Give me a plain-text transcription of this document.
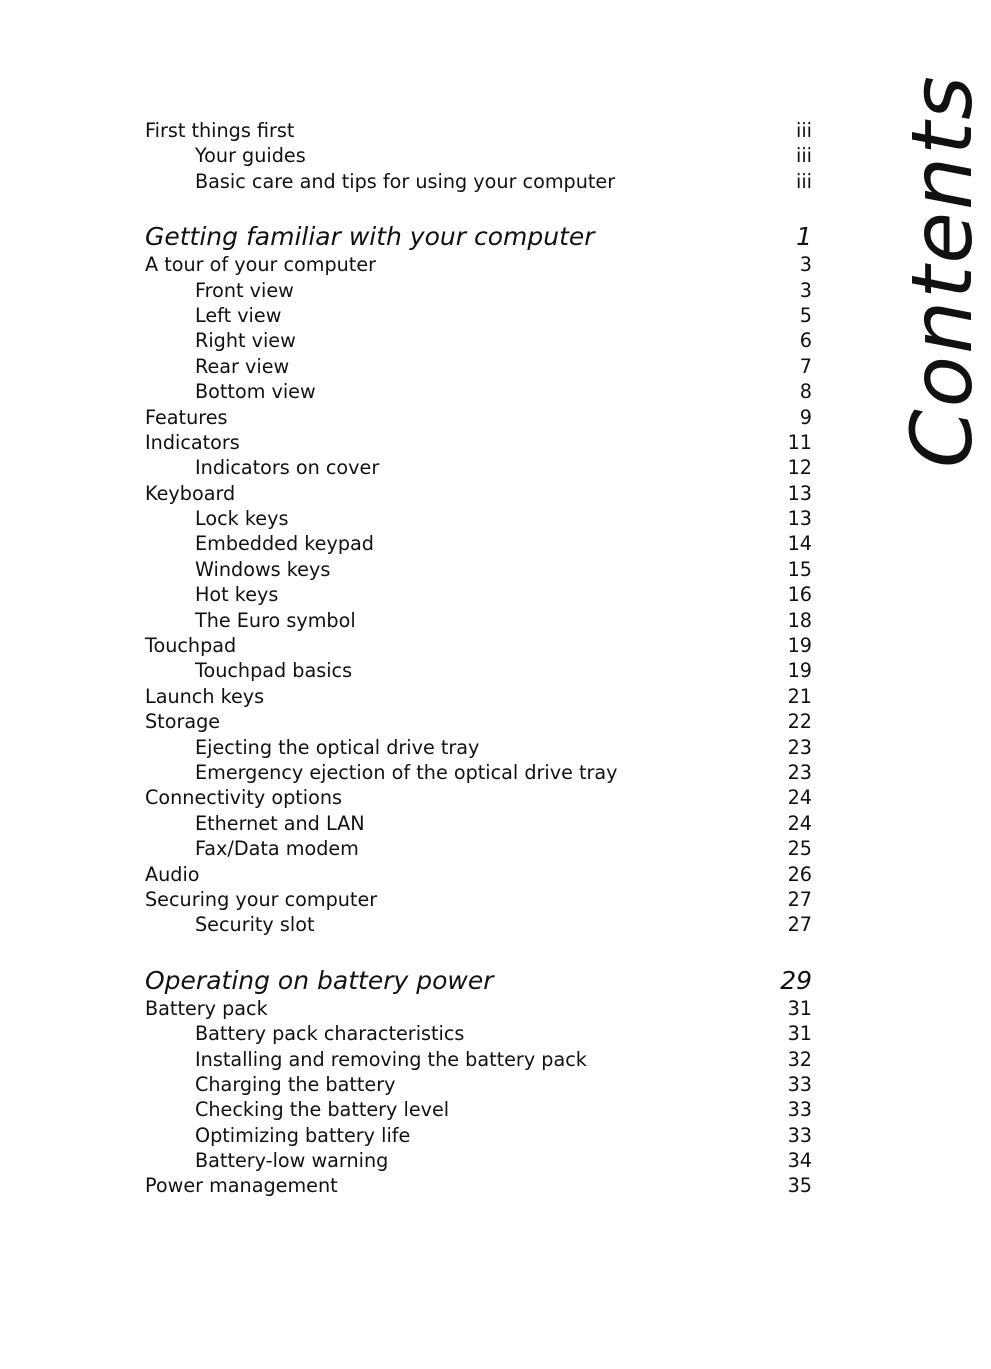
Contents
First things first	iii
Your guides	iii
Basic care and tips for using your computer	iii
Getting familiar with your computer	1
A tour of your computer	3
Front view	3
Left view	5
Right view	6
Rear view	7
Bottom view	8
Features	9
Indicators	11
Indicators on cover	12
Keyboard	13
Lock keys	13
Embedded keypad	14
Windows keys	15
Hot keys	16
The Euro symbol	18
Touchpad	19
Touchpad basics	19
Launch keys	21
Storage	22
Ejecting the optical drive tray	23
Emergency ejection of the optical drive tray	23
Connectivity options	24
Ethernet and LAN	24
Fax/Data modem	25
Audio	26
Securing your computer	27
Security slot	27
Operating on battery power	29
Battery pack	31
Battery pack characteristics	31
Installing and removing the battery pack	32
Charging the battery	33
Checking the battery level	33
Optimizing battery life	33
Battery-low warning	34
Power management	35
